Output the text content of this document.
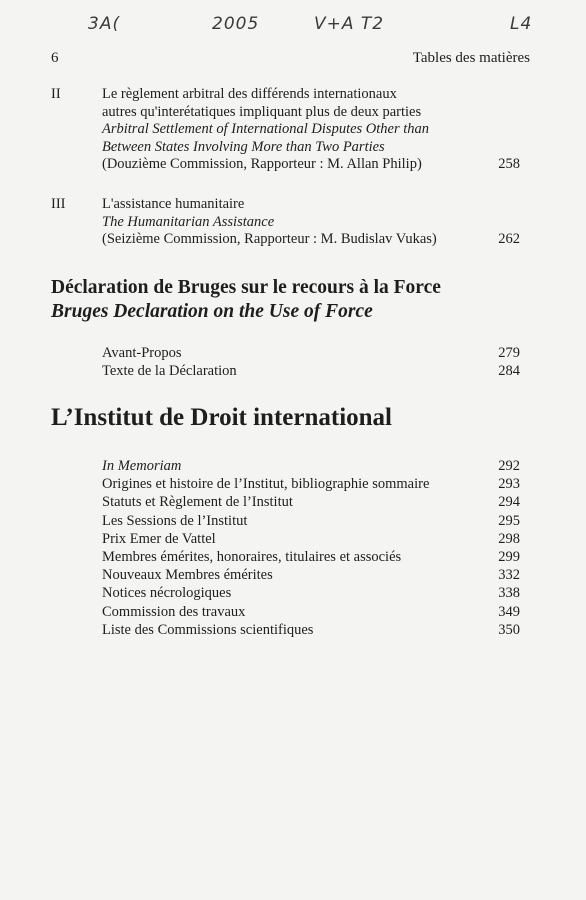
3A(	2005	V+A T2	L4
6	Tables des matières
II	Le règlement arbitral des différends internationaux
autres qu'interétatiques impliquant plus de deux parties
Arbitral Settlement of International Disputes Other than
Between States Involving More than Two Parties
(Douzième Commission, Rapporteur : M. Allan Philip)	258
III	L'assistance humanitaire
The Humanitarian Assistance
(Seizième Commission, Rapporteur : M. Budislav Vukas)	262
Déclaration de Bruges sur le recours à la Force
Bruges Declaration on the Use of Force
Avant-Propos	279
Texte de la Déclaration	284
L’Institut de Droit international
In Memoriam	292
Origines et histoire de l’Institut, bibliographie sommaire	293
Statuts et Règlement de l’Institut	294
Les Sessions de l’Institut	295
Prix Emer de Vattel	298
Membres émérites, honoraires, titulaires et associés	299
Nouveaux Membres émérites	332
Notices nécrologiques	338
Commission des travaux	349
Liste des Commissions scientifiques	350
